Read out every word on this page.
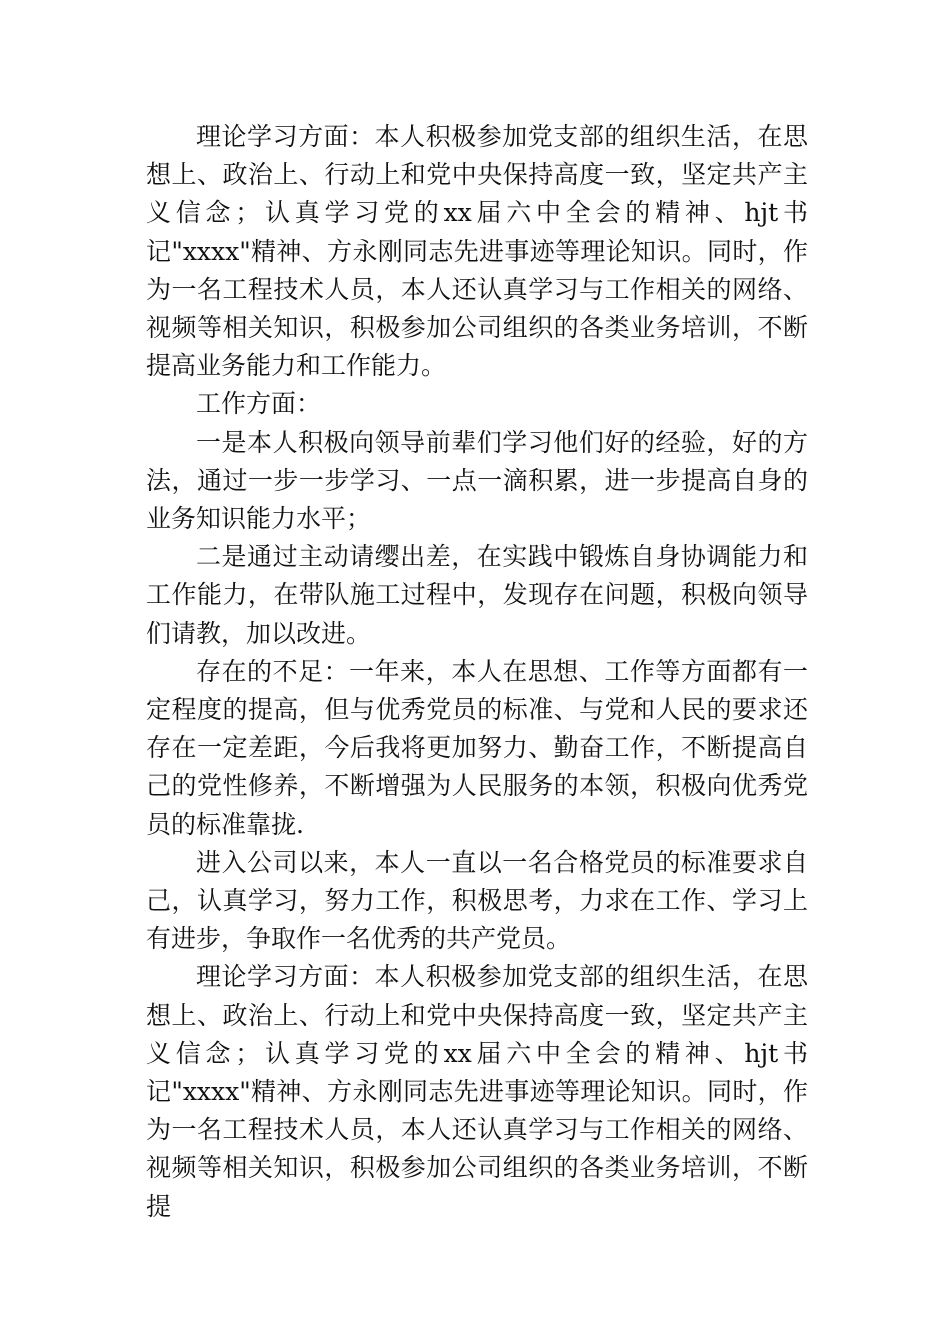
理论学习方面：本人积极参加党支部的组织生活，在思想上、政治上、行动上和党中央保持高度一致，坚定共产主义信念；认真学习党的xx届六中全会的精神、hjt书记"xxxx"精神、方永刚同志先进事迹等理论知识。同时，作为一名工程技术人员，本人还认真学习与工作相关的网络、视频等相关知识，积极参加公司组织的各类业务培训，不断提高业务能力和工作能力。

工作方面：

一是本人积极向领导前辈们学习他们好的经验，好的方法，通过一步一步学习、一点一滴积累，进一步提高自身的业务知识能力水平；

二是通过主动请缨出差，在实践中锻炼自身协调能力和工作能力，在带队施工过程中，发现存在问题，积极向领导们请教，加以改进。

存在的不足：一年来，本人在思想、工作等方面都有一定程度的提高，但与优秀党员的标准、与党和人民的要求还存在一定差距，今后我将更加努力、勤奋工作，不断提高自己的党性修养，不断增强为人民服务的本领，积极向优秀党员的标准靠拢.

进入公司以来，本人一直以一名合格党员的标准要求自己，认真学习，努力工作，积极思考，力求在工作、学习上有进步，争取作一名优秀的共产党员。

理论学习方面：本人积极参加党支部的组织生活，在思想上、政治上、行动上和党中央保持高度一致，坚定共产主义信念；认真学习党的xx届六中全会的精神、hjt书记"xxxx"精神、方永刚同志先进事迹等理论知识。同时，作为一名工程技术人员，本人还认真学习与工作相关的网络、视频等相关知识，积极参加公司组织的各类业务培训，不断提
